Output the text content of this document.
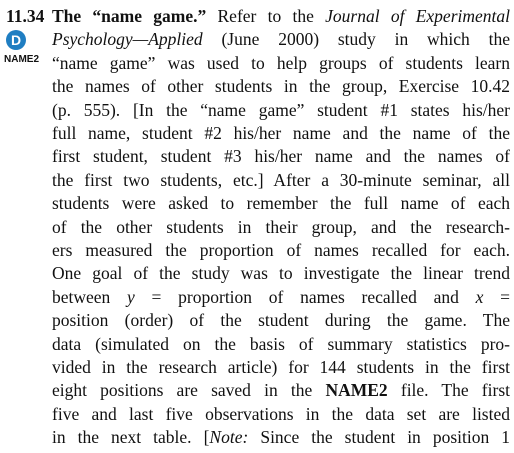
11.34
D
NAME2
The “name game.” Refer to the Journal of Experimental
Psychology—Applied (June 2000) study in which the
“name game” was used to help groups of students learn
the names of other students in the group, Exercise 10.42
(p. 555). [In the “name game” student #1 states his/her
full name, student #2 his/her name and the name of the
first student, student #3 his/her name and the names of
the first two students, etc.] After a 30-minute seminar, all
students were asked to remember the full name of each
of the other students in their group, and the research-
ers measured the proportion of names recalled for each.
One goal of the study was to investigate the linear trend
between y = proportion of names recalled and x =
position (order) of the student during the game. The
data (simulated on the basis of summary statistics pro-
vided in the research article) for 144 students in the first
eight positions are saved in the NAME2 file. The first
five and last five observations in the data set are listed
in the next table. [Note: Since the student in position 1
